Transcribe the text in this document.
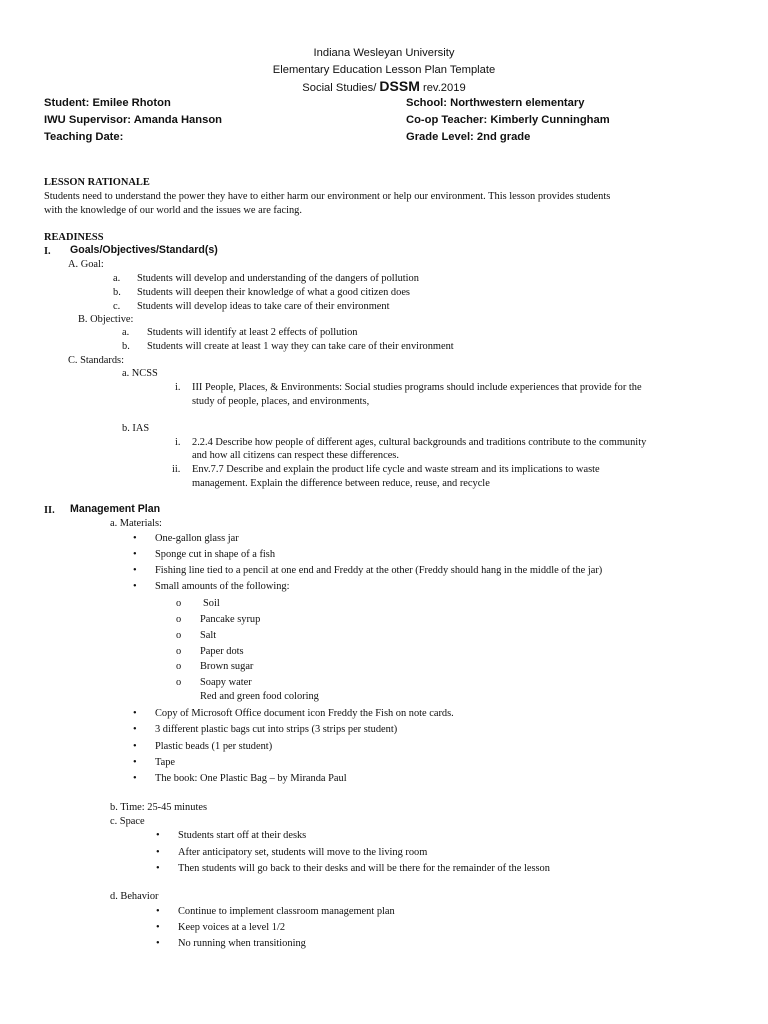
Indiana Wesleyan University
Elementary Education Lesson Plan Template
Social Studies/ DSSM rev.2019
Student: Emilee Rhoton
IWU Supervisor: Amanda Hanson
Teaching Date:
School: Northwestern elementary
Co-op Teacher: Kimberly Cunningham
Grade Level: 2nd grade
LESSON RATIONALE
Students need to understand the power they have to either harm our environment or help our environment. This lesson provides students
with the knowledge of our world and the issues we are facing.
READINESS
I. Goals/Objectives/Standard(s)
A. Goal:
a. Students will develop and understanding of the dangers of pollution
b. Students will deepen their knowledge of what a good citizen does
c. Students will develop ideas to take care of their environment
B. Objective:
a. Students will identify at least 2 effects of pollution
b. Students will create at least 1 way they can take care of their environment
C. Standards:
a. NCSS
i. III People, Places, & Environments: Social studies programs should include experiences that provide for the
study of people, places, and environments,
b. IAS
i. 2.2.4 Describe how people of different ages, cultural backgrounds and traditions contribute to the community
and how all citizens can respect these differences.
ii. Env.7.7 Describe and explain the product life cycle and waste stream and its implications to waste
management. Explain the difference between reduce, reuse, and recycle
II. Management Plan
a. Materials:
• One-gallon glass jar
• Sponge cut in shape of a fish
• Fishing line tied to a pencil at one end and Freddy at the other (Freddy should hang in the middle of the jar)
• Small amounts of the following:
o Soil
o Pancake syrup
o Salt
o Paper dots
o Brown sugar
o Soapy water
Red and green food coloring
• Copy of Microsoft Office document icon Freddy the Fish on note cards.
• 3 different plastic bags cut into strips (3 strips per student)
• Plastic beads (1 per student)
• Tape
• The book: One Plastic Bag – by Miranda Paul
b. Time: 25-45 minutes
c. Space
• Students start off at their desks
• After anticipatory set, students will move to the living room
• Then students will go back to their desks and will be there for the remainder of the lesson
d. Behavior
• Continue to implement classroom management plan
• Keep voices at a level 1/2
• No running when transitioning
